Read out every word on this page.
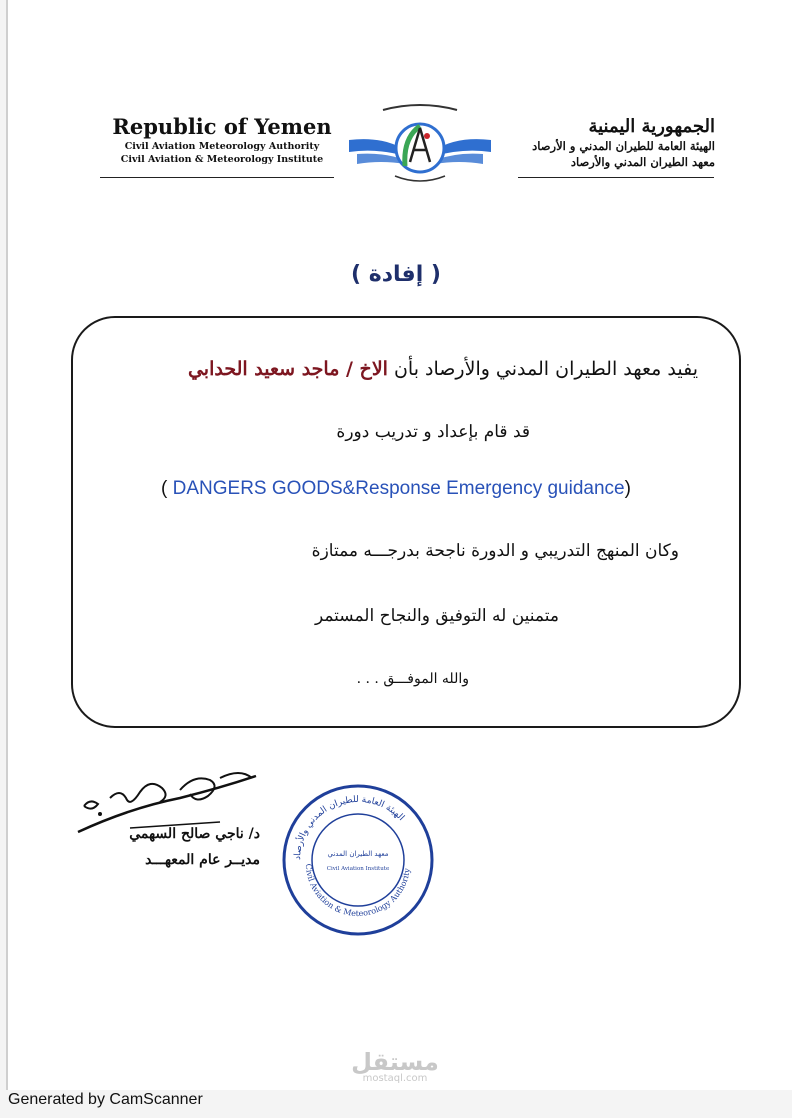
Republic of Yemen
Civil Aviation Meteorology Authority
Civil Aviation & Meteorology Institute
الجمهورية اليمنية
الهيئة العامة للطيران المدني و الأرصاد
معهد الطيران المدني والأرصاد
( إفادة )
يفيد معهد الطيران المدني والأرصاد بأن الاخ / ماجد سعيد الحدابي
قد قام بإعداد و تدريب دورة
( DANGERS GOODS&Response Emergency guidance)
وكان المنهج التدريبي و الدورة ناجحة بدرجـــه ممتازة
متمنين له التوفيق والنجاح المستمر
والله الموفـــق . . .
د/ ناجي صالح السهمي
مديــر عام المعهـــد	الهيئة العامة للطيران المدني والأرصاد
Civil Aviation & Meteorology Authority
معهد الطيران المدني
Civil Aviation Institute
مستقل
mostaql.com
Generated by CamScanner
